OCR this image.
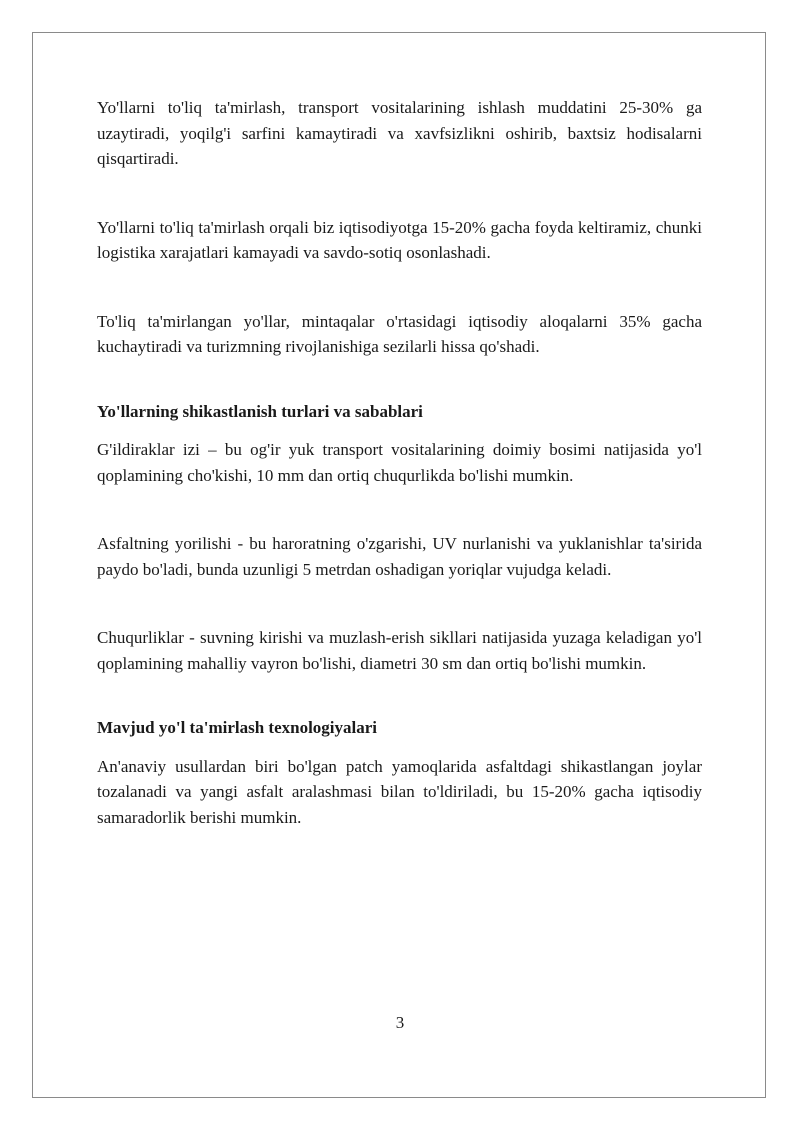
Yo'llarni to'liq ta'mirlash, transport vositalarining ishlash muddatini 25-30% ga uzaytiradi, yoqilg'i sarfini kamaytiradi va xavfsizlikni oshirib, baxtsiz hodisalarni qisqartiradi.

Yo'llarni to'liq ta'mirlash orqali biz iqtisodiyotga 15-20% gacha foyda keltiramiz, chunki logistika xarajatlari kamayadi va savdo-sotiq osonlashadi.

To'liq ta'mirlangan yo'llar, mintaqalar o'rtasidagi iqtisodiy aloqalarni 35% gacha kuchaytiradi va turizmning rivojlanishiga sezilarli hissa qo'shadi.

Yo'llarning shikastlanish turlari va sabablari

G'ildiraklar izi – bu og'ir yuk transport vositalarining doimiy bosimi natijasida yo'l qoplamining cho'kishi, 10 mm dan ortiq chuqurlikda bo'lishi mumkin.

Asfaltning yorilishi - bu haroratning o'zgarishi, UV nurlanishi va yuklanishlar ta'sirida paydo bo'ladi, bunda uzunligi 5 metrdan oshadigan yoriqlar vujudga keladi.

Chuqurliklar - suvning kirishi va muzlash-erish sikllari natijasida yuzaga keladigan yo'l qoplamining mahalliy vayron bo'lishi, diametri 30 sm dan ortiq bo'lishi mumkin.

Mavjud yo'l ta'mirlash texnologiyalari

An'anaviy usullardan biri bo'lgan patch yamoqlarida asfaltdagi shikastlangan joylar tozalanadi va yangi asfalt aralashmasi bilan to'ldiriladi, bu 15-20% gacha iqtisodiy samaradorlik berishi mumkin.

3
